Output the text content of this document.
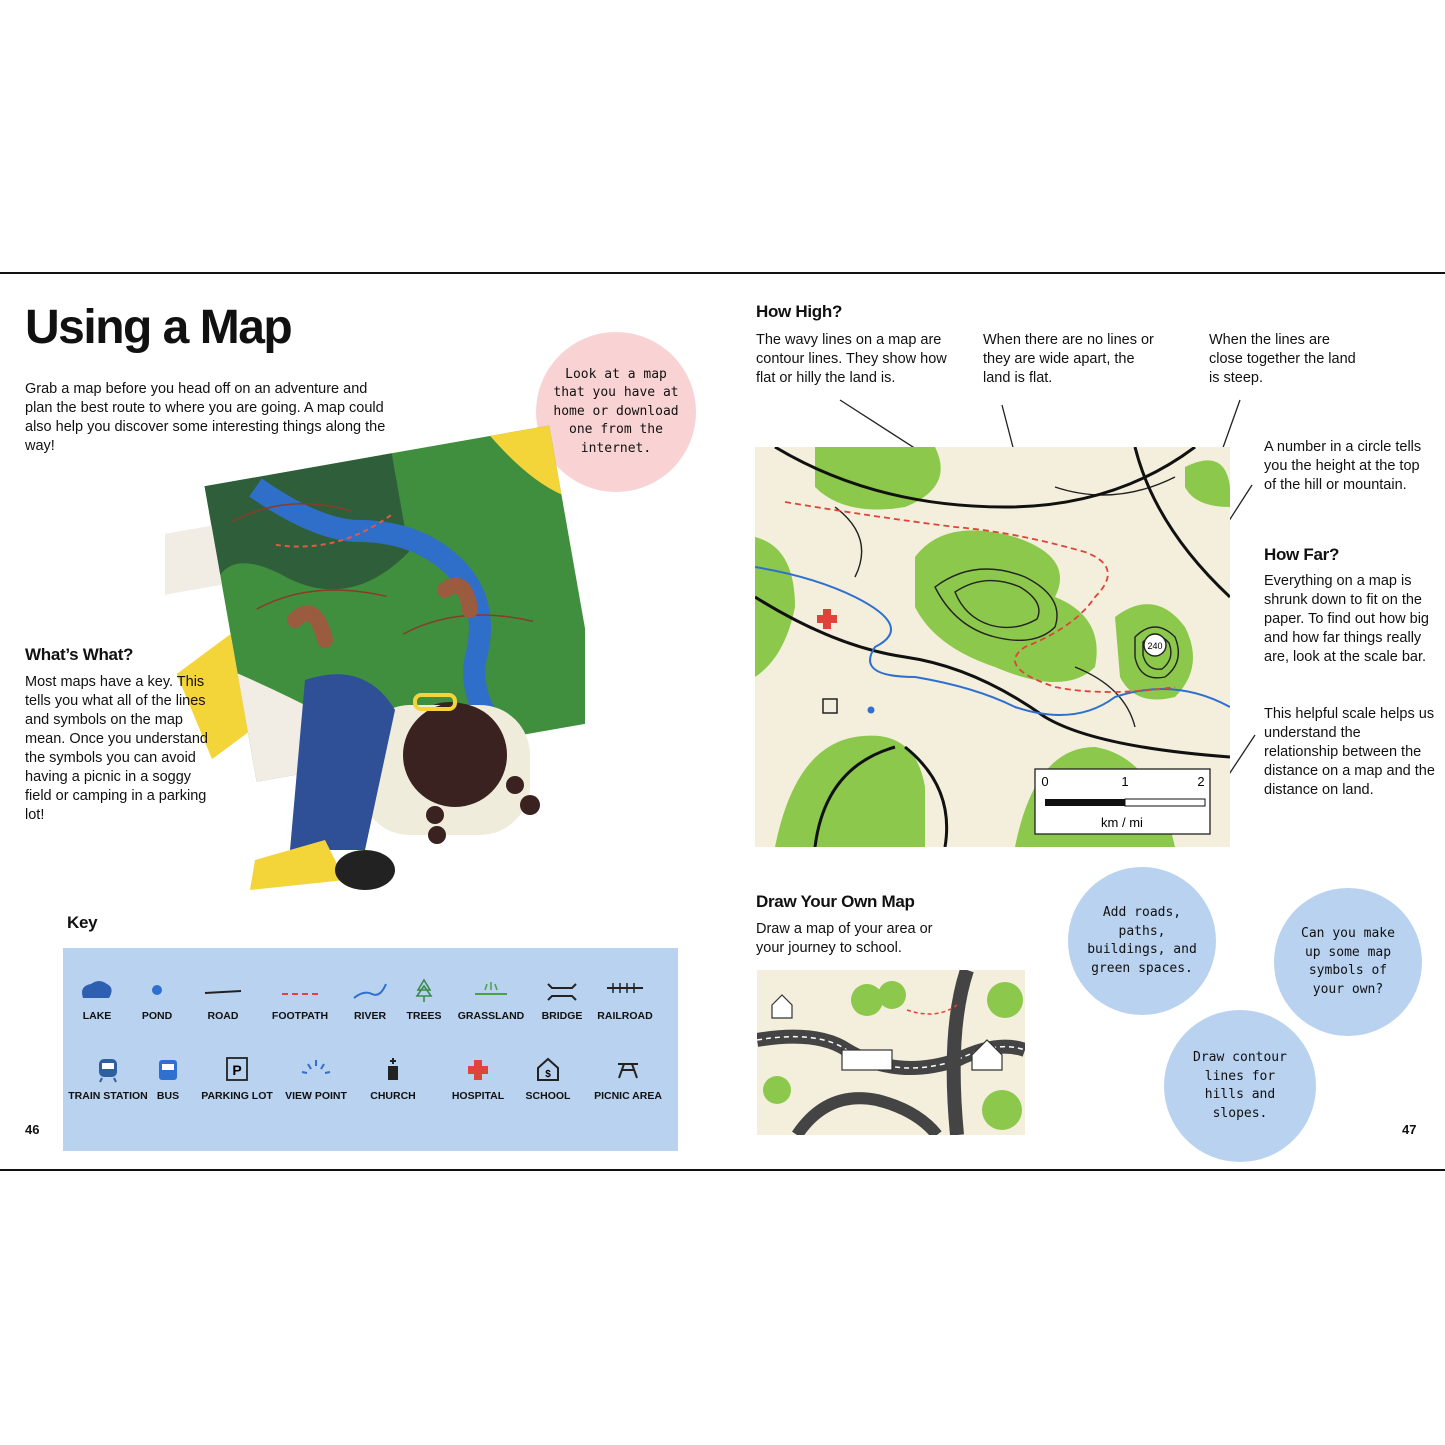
Using a Map

Grab a map before you head off on an adventure and plan the best route to where you are going. A map could also help you discover some interesting things along the way!

Look at a map that you have at home or download one from the internet.
What’s What?

Most maps have a key. This tells you what all of the lines and symbols on the map mean. Once you understand the symbols you can avoid having a picnic in a soggy field or camping in a parking lot!

Key
LAKE	POND	ROAD	FOOTPATH	RIVER	TREES	GRASSLAND	BRIDGE	RAILROAD
TRAIN STATION BUS
P
PARKING LOT	VIEW POINT	CHURCH	HOSPITAL
$
SCHOOL	PICNIC AREA
46
How High?

The wavy lines on a map are contour lines. They show how flat or hilly the land is.

When there are no lines or they are wide apart, the land is flat.

When the lines are close together the land is steep.

A number in a circle tells you the height at the top of the hill or mountain.

How Far?

Everything on a map is shrunk down to fit on the paper. To find out how big and how far things really are, look at the scale bar.

This helpful scale helps us understand the relationship between the distance on a map and the distance on land.

240
0	1	2
km / mi
Draw Your Own Map

Draw a map of your area or your journey to school.

Add roads, paths, buildings, and green spaces.
Can you make up some map symbols of your own?
Draw contour lines for hills and slopes.
47
